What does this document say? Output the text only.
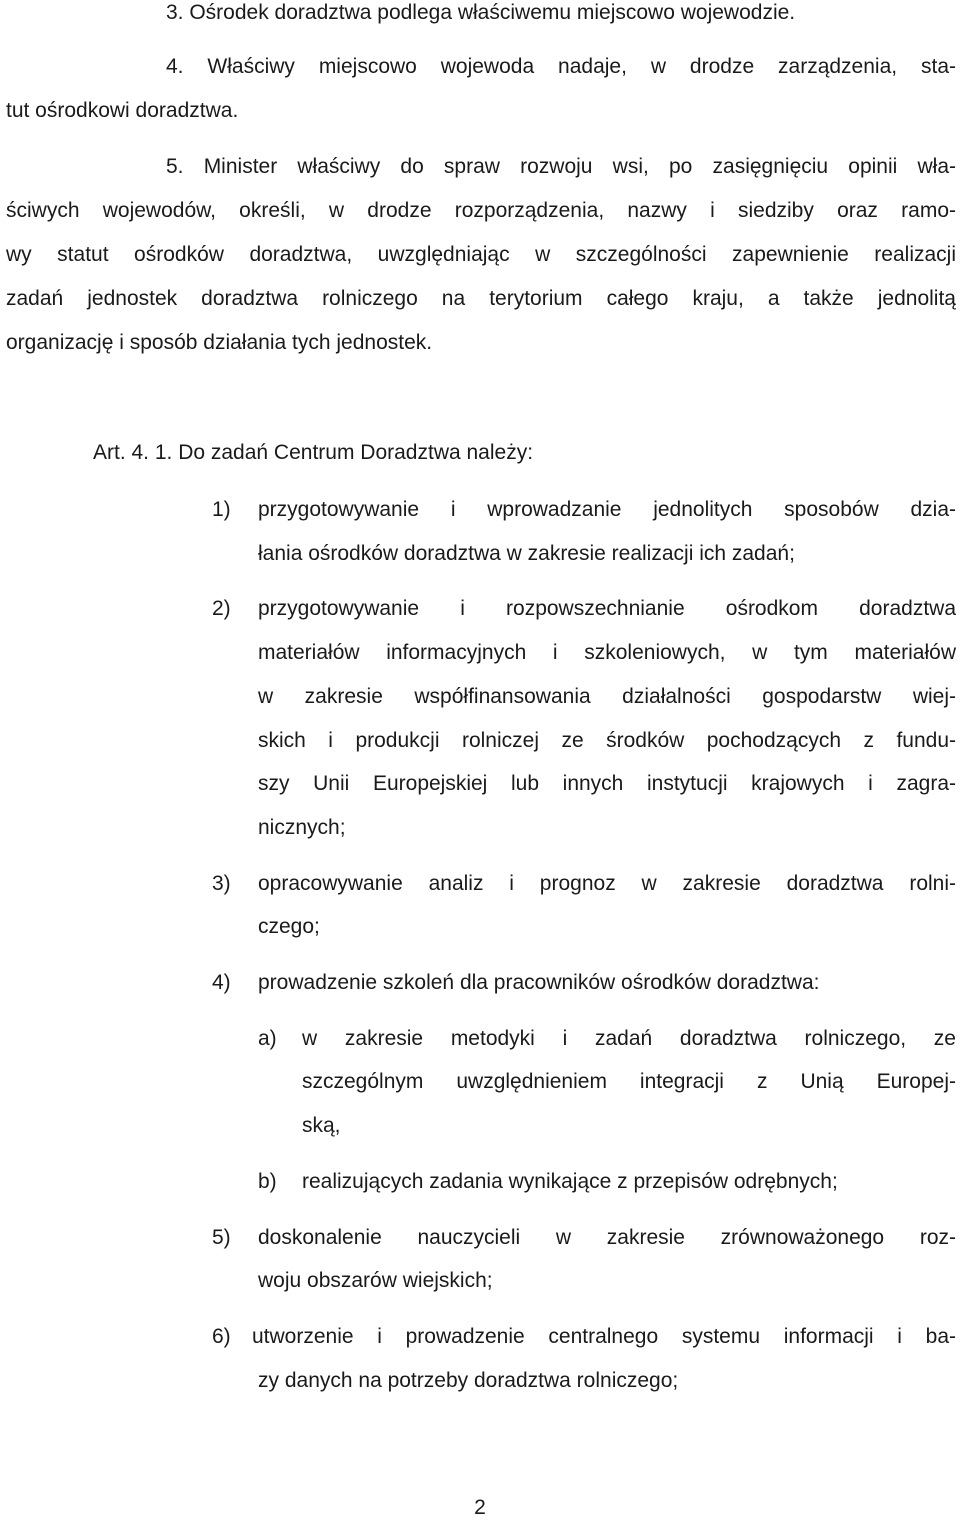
3. Ośrodek doradztwa podlega właściwemu miejscowo wojewodzie.
4. Właściwy miejscowo wojewoda nadaje, w drodze zarządzenia, sta-
tut ośrodkowi doradztwa.
5. Minister właściwy do spraw rozwoju wsi, po zasięgnięciu opinii wła-
ściwych wojewodów, określi, w drodze rozporządzenia, nazwy i siedziby oraz ramo-
wy statut ośrodków doradztwa, uwzględniając w szczególności zapewnienie realizacji
zadań jednostek doradztwa rolniczego na terytorium całego kraju, a także jednolitą
organizację i sposób działania tych jednostek.
Art. 4. 1. Do zadań Centrum Doradztwa należy:
1) przygotowywanie i wprowadzanie jednolitych sposobów dzia-
łania ośrodków doradztwa w zakresie realizacji ich zadań;
2) przygotowywanie i rozpowszechnianie ośrodkom doradztwa
materiałów informacyjnych i szkoleniowych, w tym materiałów
w zakresie współfinansowania działalności gospodarstw wiej-
skich i produkcji rolniczej ze środków pochodzących z fundu-
szy Unii Europejskiej lub innych instytucji krajowych i zagra-
nicznych;
3) opracowywanie analiz i prognoz w zakresie doradztwa rolni-
czego;
4) prowadzenie szkoleń dla pracowników ośrodków doradztwa:
a) w zakresie metodyki i zadań doradztwa rolniczego, ze
szczególnym uwzględnieniem integracji z Unią Europej-
ską,
b) realizujących zadania wynikające z przepisów odrębnych;
5) doskonalenie nauczycieli w zakresie zrównoważonego roz-
woju obszarów wiejskich;
6) utworzenie i prowadzenie centralnego systemu informacji i ba-
zy danych na potrzeby doradztwa rolniczego;
2
